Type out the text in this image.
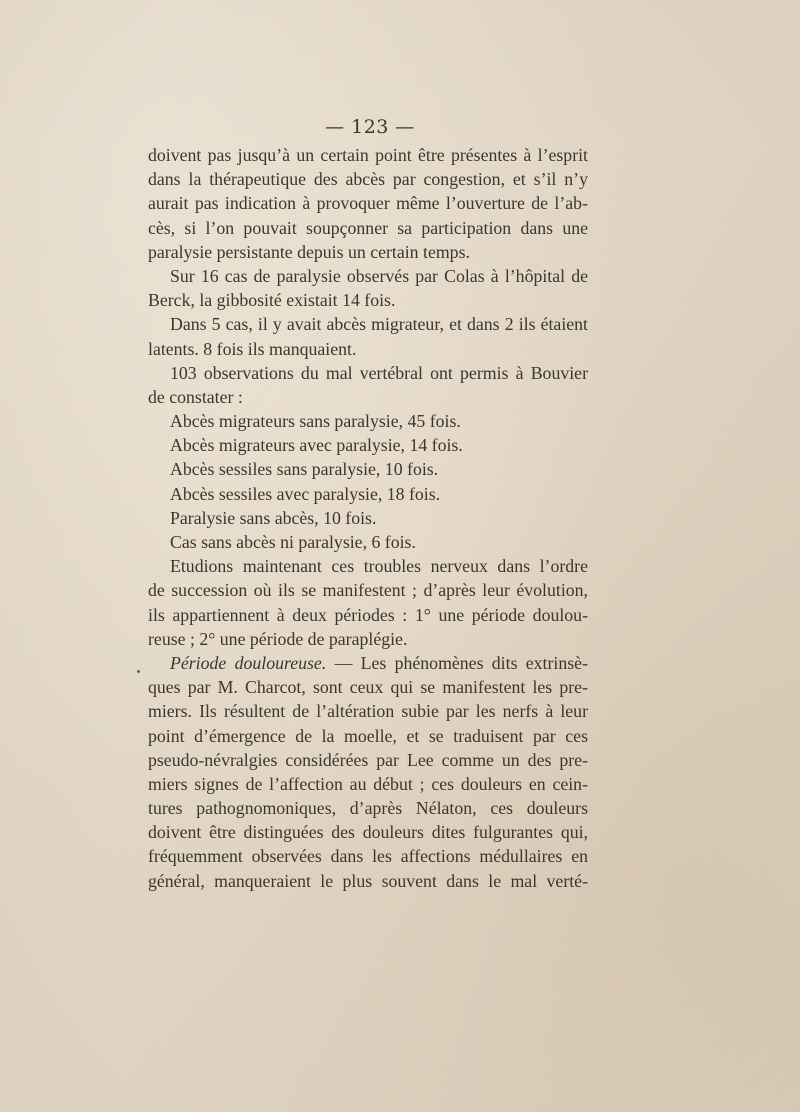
— 123 —
doivent pas jusqu’à un certain point être présentes à l’esprit
dans la thérapeutique des abcès par congestion, et s’il n’y
aurait pas indication à provoquer même l’ouverture de l’ab-
cès, si l’on pouvait soupçonner sa participation dans une
paralysie persistante depuis un certain temps.
Sur 16 cas de paralysie observés par Colas à l’hôpital de
Berck, la gibbosité existait 14 fois.
Dans 5 cas, il y avait abcès migrateur, et dans 2 ils étaient
latents. 8 fois ils manquaient.
103 observations du mal vertébral ont permis à Bouvier
de constater :
Abcès migrateurs sans paralysie, 45 fois.
Abcès migrateurs avec paralysie, 14 fois.
Abcès sessiles sans paralysie, 10 fois.
Abcès sessiles avec paralysie, 18 fois.
Paralysie sans abcès, 10 fois.
Cas sans abcès ni paralysie, 6 fois.
Etudions maintenant ces troubles nerveux dans l’ordre
de succession où ils se manifestent ; d’après leur évolution,
ils appartiennent à deux périodes : 1° une période doulou-
reuse ; 2° une période de paraplégie.
Période douloureuse. — Les phénomènes dits extrinsè-
ques par M. Charcot, sont ceux qui se manifestent les pre-
miers. Ils résultent de l’altération subie par les nerfs à leur
point d’émergence de la moelle, et se traduisent par ces
pseudo-névralgies considérées par Lee comme un des pre-
miers signes de l’affection au début ; ces douleurs en cein-
tures pathognomoniques, d’après Nélaton, ces douleurs
doivent être distinguées des douleurs dites fulgurantes qui,
fréquemment observées dans les affections médullaires en
général, manqueraient le plus souvent dans le mal verté-
